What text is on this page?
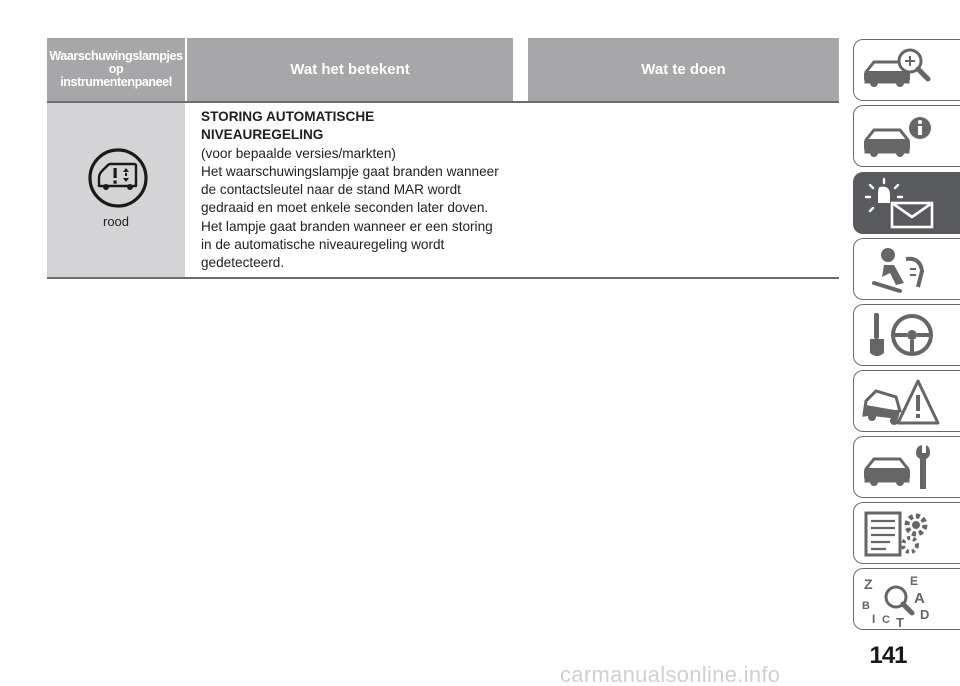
Waarschuwingslampjes
op
instrumentenpaneel
Wat het betekent	Wat te doen
rood
STORING AUTOMATISCHE
NIVEAUREGELING
(voor bepaalde versies/markten)
Het waarschuwingslampje gaat branden wanneer
de contactsleutel naar de stand MAR wordt
gedraaid en moet enkele seconden later doven.
Het lampje gaat branden wanneer er een storing
in de automatische niveauregeling wordt
gedetecteerd.
Z	E
B	A
I C T
D
141
carmanualsonline.info
